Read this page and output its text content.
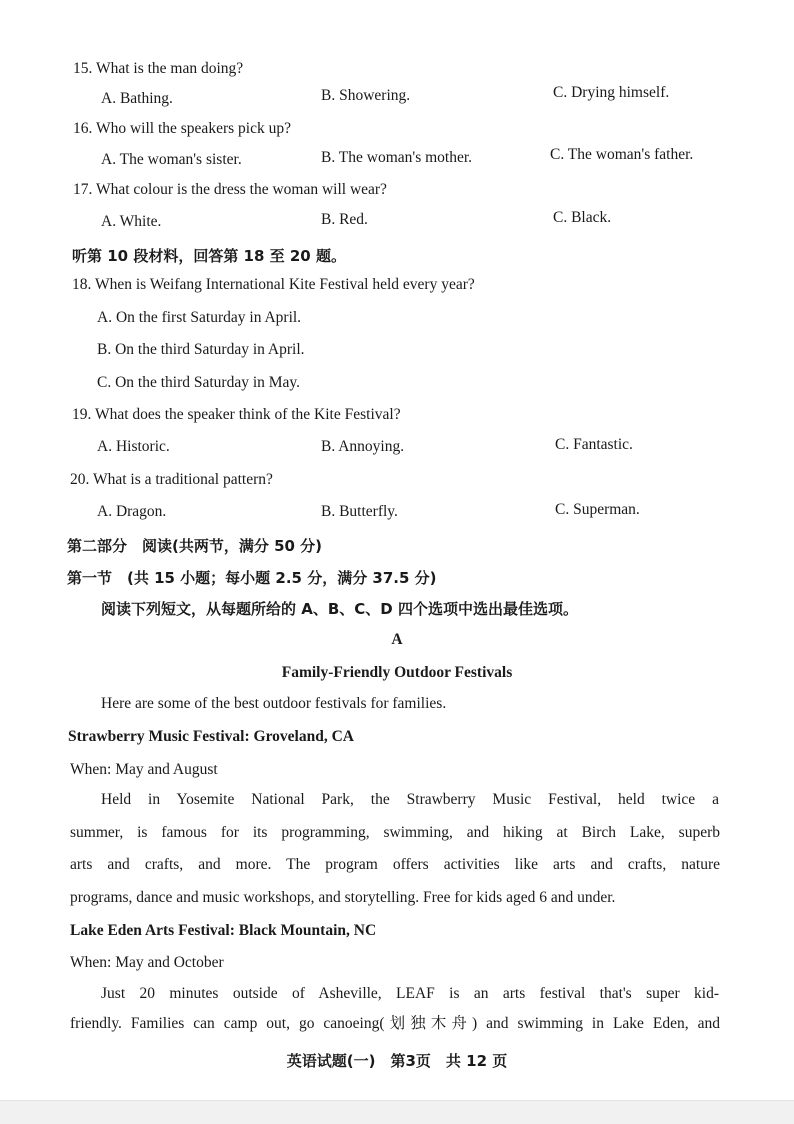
15. What is the man doing?
A. Bathing.	B. Showering.	C. Drying himself.
16. Who will the speakers pick up?
A. The woman's sister.	B. The woman's mother.	C. The woman's father.
17. What colour is the dress the woman will wear?
A. White.	B. Red.	C. Black.
听第 10 段材料，回答第 18 至 20 题。
18. When is Weifang International Kite Festival held every year?
A. On the first Saturday in April.
B. On the third Saturday in April.
C. On the third Saturday in May.
19. What does the speaker think of the Kite Festival?
A. Historic.	B. Annoying.	C. Fantastic.
20. What is a traditional pattern?
A. Dragon.	B. Butterfly.	C. Superman.
第二部分　阅读(共两节，满分 50 分)
第一节　(共 15 小题；每小题 2.5 分，满分 37.5 分)
阅读下列短文，从每题所给的 A、B、C、D 四个选项中选出最佳选项。
A
Family-Friendly Outdoor Festivals
Here are some of the best outdoor festivals for families.
Strawberry Music Festival: Groveland, CA
When: May and August
Held in Yosemite National Park, the Strawberry Music Festival, held twice a
summer, is famous for its programming, swimming, and hiking at Birch Lake, superb
arts and crafts, and more. The program offers activities like arts and crafts, nature
programs, dance and music workshops, and storytelling. Free for kids aged 6 and under.
Lake Eden Arts Festival: Black Mountain, NC
When: May and October
Just 20 minutes outside of Asheville, LEAF is an arts festival that's super kid-
friendly. Families can camp out, go canoeing(划独木舟) and swimming in Lake Eden, and
英语试题(一)　第3页　共 12 页
